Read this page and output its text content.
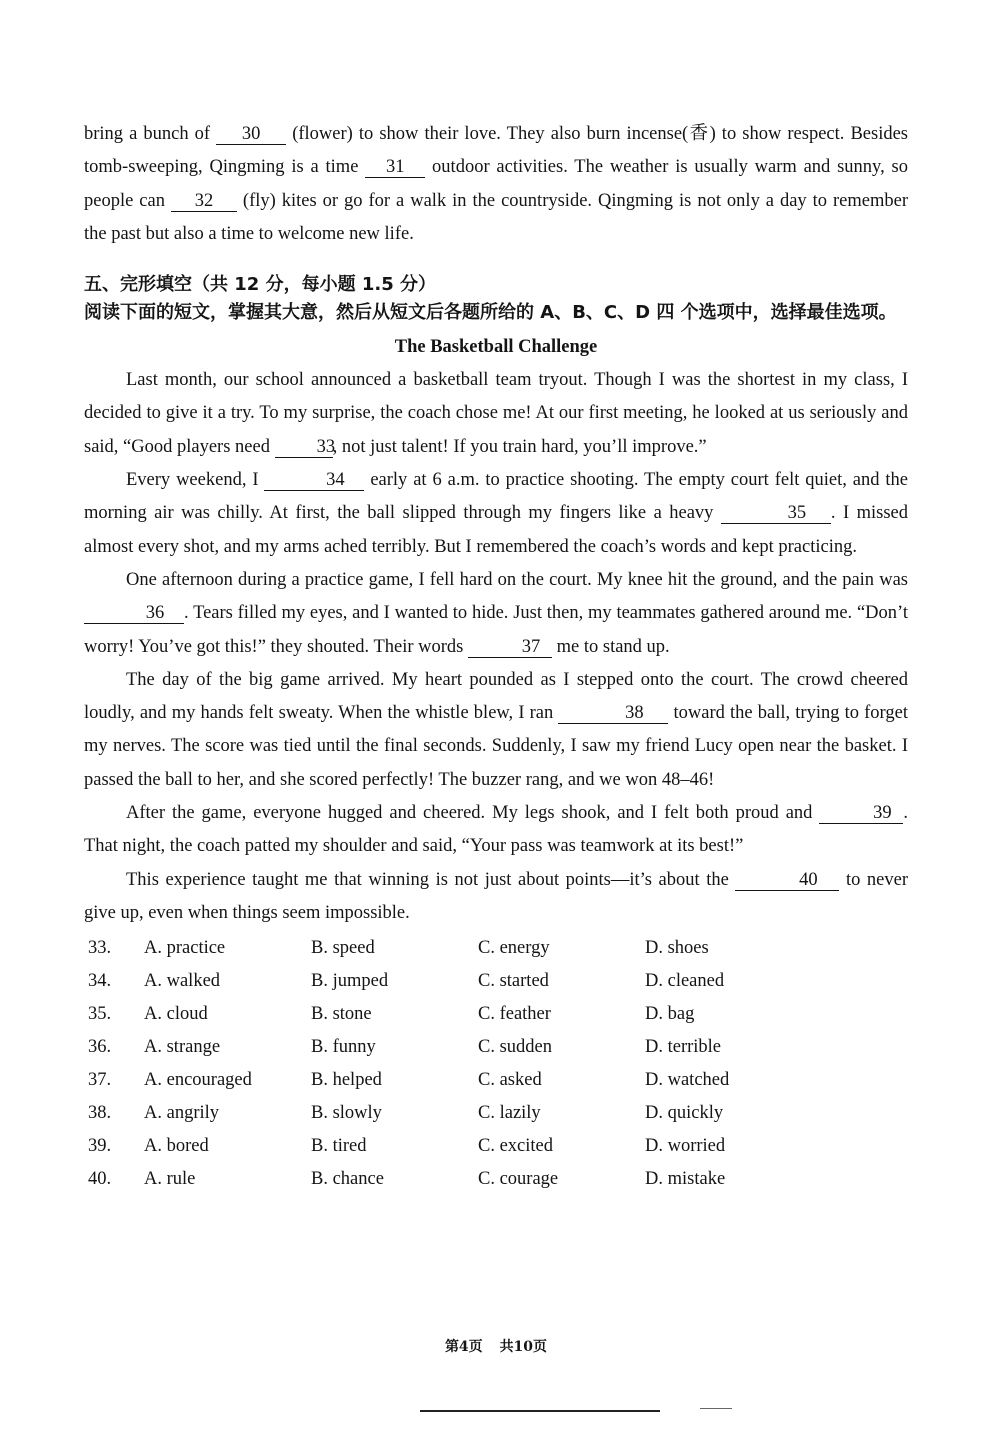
bring a bunch of 30 (flower) to show their love. They also burn incense(香) to show respect. Besides tomb-sweeping, Qingming is a time 31 outdoor activities. The weather is usually warm and sunny, so people can 32 (fly) kites or go for a walk in the countryside. Qingming is not only a day to remember the past but also a time to welcome new life.

五、完形填空（共 12 分，每小题 1.5 分）
阅读下面的短文，掌握其大意，然后从短文后各题所给的 A、B、C、D 四 个选项中，选择最佳选项。
The Basketball Challenge

Last month, our school announced a basketball team tryout. Though I was the shortest in my class, I decided to give it a try. To my surprise, the coach chose me! At our first meeting, he looked at us seriously and said, “Good players need 33, not just talent! If you train hard, you’ll improve.”

Every weekend, I	34 early at 6 a.m. to practice shooting. The empty court felt quiet, and the morning air was chilly. At first, the ball slipped through my fingers like a heavy	35 . I missed almost every shot, and my arms ached terribly. But I remembered the coach’s words and kept practicing.

One afternoon during a practice game, I fell hard on the court. My knee hit the ground, and the pain was 36 . Tears filled my eyes, and I wanted to hide. Just then, my teammates gathered around me. “Don’t worry! You’ve got this!” they shouted. Their words	37 me to stand up.

The day of the big game arrived. My heart pounded as I stepped onto the court. The crowd cheered loudly, and my hands felt sweaty. When the whistle blew, I ran	38 toward the ball, trying to forget my nerves. The score was tied until the final seconds. Suddenly, I saw my friend Lucy open near the basket. I passed the ball to her, and she scored perfectly! The buzzer rang, and we won 48–46!

After the game, everyone hugged and cheered. My legs shook, and I felt both proud and	39 . That night, the coach patted my shoulder and said, “Your pass was teamwork at its best!”

This experience taught me that winning is not just about points—it’s about the	40 to never give up, even when things seem impossible.

33.	A. practice	B. speed	C. energy	D. shoes
34.	A. walked	B. jumped	C. started	D. cleaned
35.	A. cloud	B. stone	C. feather	D. bag
36.	A. strange	B. funny	C. sudden	D. terrible
37.	A. encouraged	B. helped	C. asked	D. watched
38.	A. angrily	B. slowly	C. lazily	D. quickly
39.	A. bored	B. tired	C. excited	D. worried
40.	A. rule	B. chance	C. courage	D. mistake
第4页 共10页
